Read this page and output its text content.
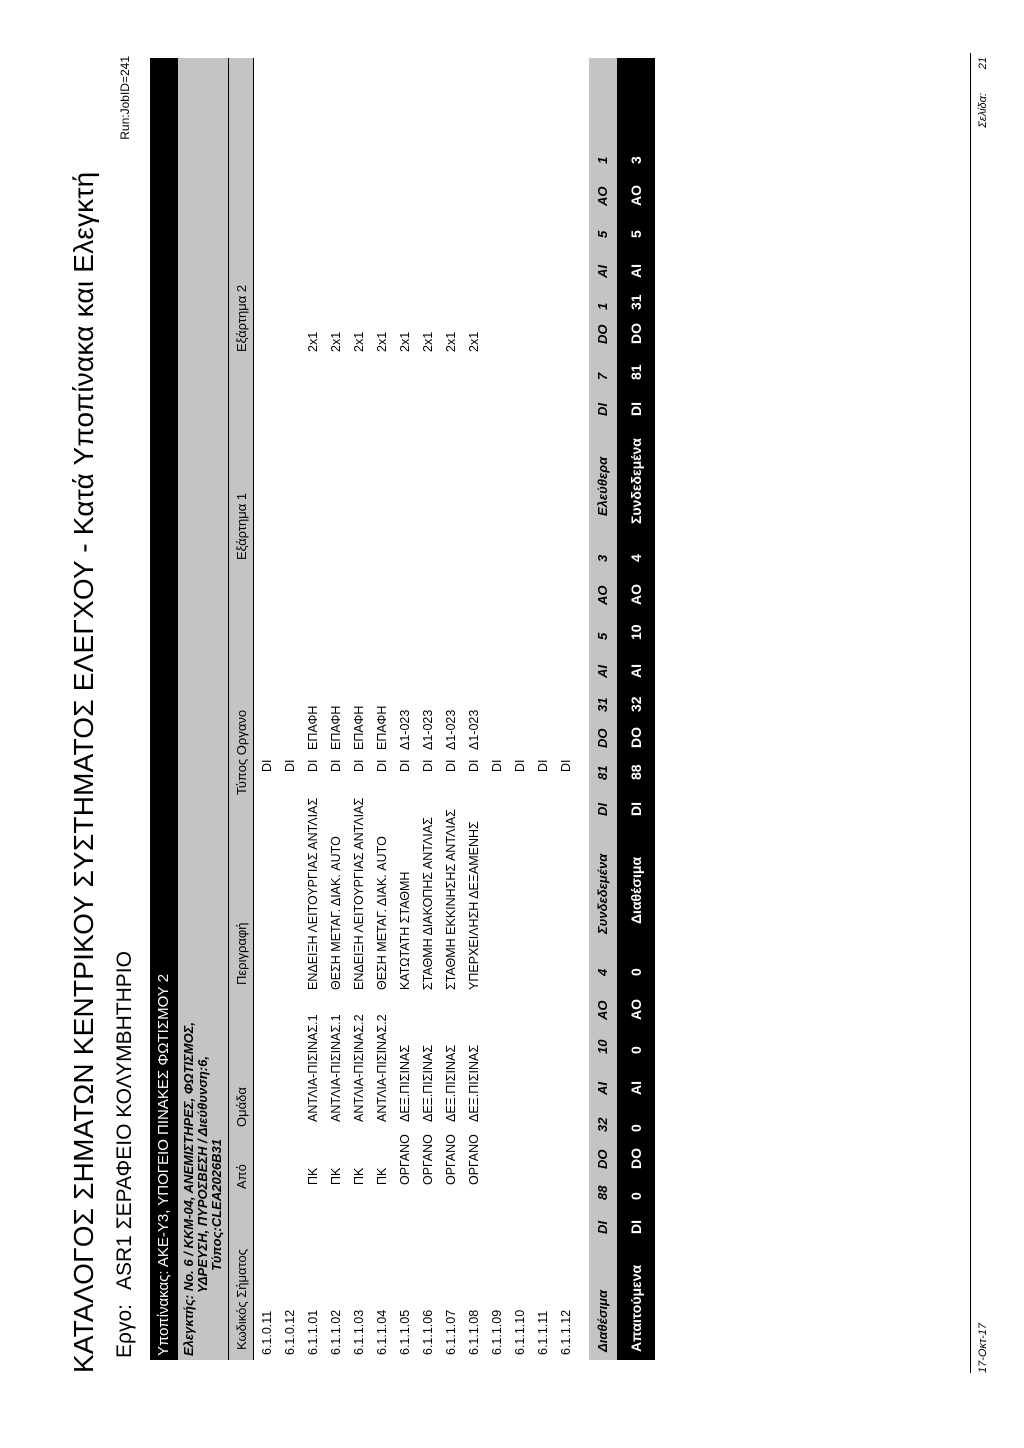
ΚΑΤΑΛΟΓΟΣ ΣΗΜΑΤΩΝ ΚΕΝΤΡΙΚΟΥ ΣΥΣΤΗΜΑΤΟΣ ΕΛΕΓΧΟΥ - Κατά Υποπίνακα και Ελεγκτή Εργο:ASR1 ΣΕΡΑΦΕΙΟ ΚΟΛΥΜΒΗΤΗΡΙΟ
Run:JobID=241
Υποπίνακας: ΑΚΕ-Υ3, ΥΠΟΓΕΙΟ ΠΙΝΑΚΕΣ ΦΩΤΙΣΜΟΥ 2
Ελεγκτής: Νο. 6 / ΚΚΜ-04, ΑΝΕΜΙΣΤΗΡΕΣ, ΦΩΤΙΣΜΟΣ, ΥΔΡΕΥΣΗ, ΠΥΡΟΣΒΕΣΗ / Διεύθυνση:6, Τύπος:CLEA2026B31
Κωδικός Σήματος
Από
Ομάδα
Περιγραφή
Τύπος Οργανο
Εξάρτημα 1
Εξάρτημα 2
6.1.0.11
DI
6.1.0.12
DI
6.1.1.01
ΠΚ
ΑΝΤΛΙΑ-ΠΙΣΙΝΑΣ.1
ΕΝΔΕΙΞΗ ΛΕΙΤΟΥΡΓΙΑΣ ΑΝΤΛΙΑΣ
DI
ΕΠΑΦΗ
2x1
6.1.1.02
ΠΚ
ΑΝΤΛΙΑ-ΠΙΣΙΝΑΣ.1
ΘΕΣΗ ΜΕΤΑΓ. ΔΙΑΚ. AUTO
DI
ΕΠΑΦΗ
2x1
6.1.1.03
ΠΚ
ΑΝΤΛΙΑ-ΠΙΣΙΝΑΣ.2
ΕΝΔΕΙΞΗ ΛΕΙΤΟΥΡΓΙΑΣ ΑΝΤΛΙΑΣ
DI
ΕΠΑΦΗ
2x1
6.1.1.04
ΠΚ
ΑΝΤΛΙΑ-ΠΙΣΙΝΑΣ.2
ΘΕΣΗ ΜΕΤΑΓ. ΔΙΑΚ. AUTO
DI
ΕΠΑΦΗ
2x1
6.1.1.05
ΟΡΓΑΝΟ
ΔΕΞ.ΠΙΣΙΝΑΣ
ΚΑΤΩΤΑΤΗ ΣΤΑΘΜΗ
DI
Δ1-023
2x1
6.1.1.06
ΟΡΓΑΝΟ
ΔΕΞ.ΠΙΣΙΝΑΣ
ΣΤΑΘΜΗ ΔΙΑΚΟΠΗΣ ΑΝΤΛΙΑΣ
DI
Δ1-023
2x1
6.1.1.07
ΟΡΓΑΝΟ
ΔΕΞ.ΠΙΣΙΝΑΣ
ΣΤΑΘΜΗ ΕΚΚΙΝΗΣΗΣ ΑΝΤΛΙΑΣ
DI
Δ1-023
2x1
6.1.1.08
ΟΡΓΑΝΟ
ΔΕΞ.ΠΙΣΙΝΑΣ
ΥΠΕΡΧΕΙΛΗΣΗ ΔΕΞΑΜΕΝΗΣ
DI
Δ1-023
2x1
6.1.1.09
DI
6.1.1.10
DI
6.1.1.11
DI
6.1.1.12
DI
Διαθέσιμα
DI
88
DO
32
AI
10
AO
4
Συνδεδεμένα
DI
81
DO
31
AI
5
AO
3
Ελεύθερα
DI
7
DO
1
AI
5
AO
1
Απαιτούμενα
DI
0
DO
0
AI
0
AO
0
Διαθέσιμα
DI
88
DO
32
AI
10
AO
4
Συνδεδεμένα
DI
81
DO
31
AI
5
AO
3
17-Οκτ-17
Σελίδα:
21
